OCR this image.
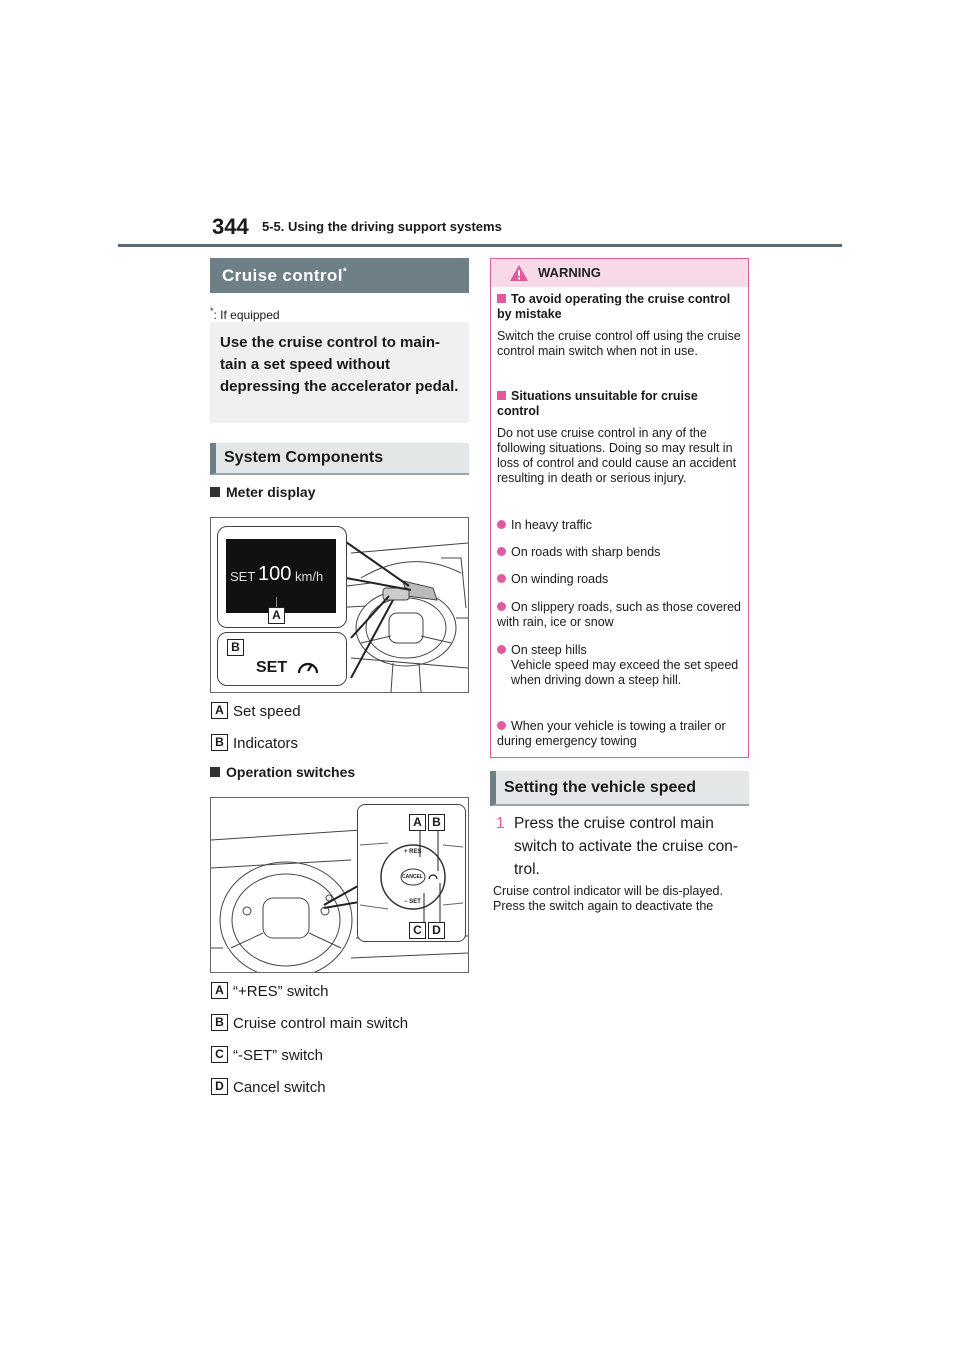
344 5-5. Using the driving support systems
Cruise control*
*: If equipped
Use the cruise control to main-tain a set speed without depressing the accelerator pedal.
System Components
Meter display
SET 100 km/h
A
B
SET
A Set speed
B Indicators
Operation switches
+ RES
CANCEL
− SET
A B
C D
A “+RES” switch
B Cruise control main switch
C “-SET” switch
D Cancel switch
WARNING
To avoid operating the cruise control by mistake
Switch the cruise control off using the cruise control main switch when not in use.
Situations unsuitable for cruise control
Do not use cruise control in any of the following situations. Doing so may result in loss of control and could cause an accident resulting in death or serious injury.
In heavy traffic
On roads with sharp bends
On winding roads
On slippery roads, such as those covered with rain, ice or snow
On steep hills
Vehicle speed may exceed the set speed when driving down a steep hill.
When your vehicle is towing a trailer or during emergency towing
Setting the vehicle speed
1 Press the cruise control main switch to activate the cruise con-trol.
Cruise control indicator will be dis-played. Press the switch again to deactivate the
